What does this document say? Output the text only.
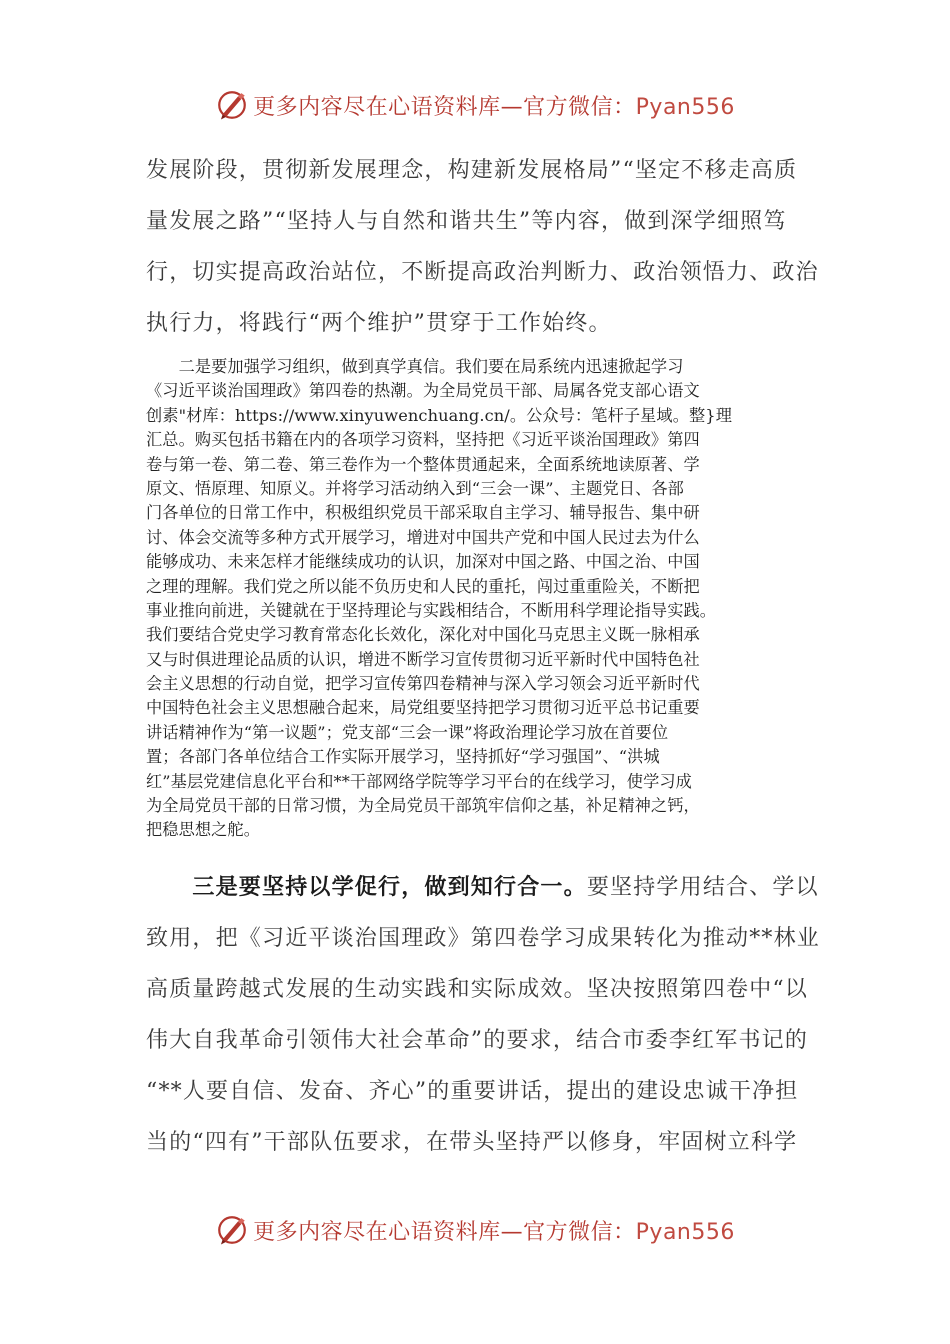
更多内容尽在心语资料库—官方微信：Pyan556
发展阶段，贯彻新发展理念，构建新发展格局”“坚定不移走高质
量发展之路”“坚持人与自然和谐共生”等内容，做到深学细照笃
行，切实提高政治站位，不断提高政治判断力、政治领悟力、政治
执行力，将践行“两个维护”贯穿于工作始终。
　　二是要加强学习组织，做到真学真信。我们要在局系统内迅速掀起学习
《习近平谈治国理政》第四卷的热潮。为全局党员干部、局属各党支部心语文
创素"材库：https://www.xinyuwenchuang.cn/。公众号：笔杆子星域。整}理
汇总。购买包括书籍在内的各项学习资料，坚持把《习近平谈治国理政》第四
卷与第一卷、第二卷、第三卷作为一个整体贯通起来，全面系统地读原著、学
原文、悟原理、知原义。并将学习活动纳入到“三会一课”、主题党日、各部
门各单位的日常工作中，积极组织党员干部采取自主学习、辅导报告、集中研
讨、体会交流等多种方式开展学习，增进对中国共产党和中国人民过去为什么
能够成功、未来怎样才能继续成功的认识，加深对中国之路、中国之治、中国
之理的理解。我们党之所以能不负历史和人民的重托，闯过重重险关，不断把
事业推向前进，关键就在于坚持理论与实践相结合，不断用科学理论指导实践。
我们要结合党史学习教育常态化长效化，深化对中国化马克思主义既一脉相承
又与时俱进理论品质的认识，增进不断学习宣传贯彻习近平新时代中国特色社
会主义思想的行动自觉，把学习宣传第四卷精神与深入学习领会习近平新时代
中国特色社会主义思想融合起来，局党组要坚持把学习贯彻习近平总书记重要
讲话精神作为“第一议题”；党支部“三会一课”将政治理论学习放在首要位
置；各部门各单位结合工作实际开展学习，坚持抓好“学习强国”、“洪城
红”基层党建信息化平台和**干部网络学院等学习平台的在线学习，使学习成
为全局党员干部的日常习惯，为全局党员干部筑牢信仰之基，补足精神之钙，
把稳思想之舵。
　　三是要坚持以学促行，做到知行合一。要坚持学用结合、学以
致用，把《习近平谈治国理政》第四卷学习成果转化为推动**林业
高质量跨越式发展的生动实践和实际成效。坚决按照第四卷中“以
伟大自我革命引领伟大社会革命”的要求，结合市委李红军书记的
“**人要自信、发奋、齐心”的重要讲话，提出的建设忠诚干净担
当的“四有”干部队伍要求，在带头坚持严以修身，牢固树立科学
更多内容尽在心语资料库—官方微信：Pyan556
